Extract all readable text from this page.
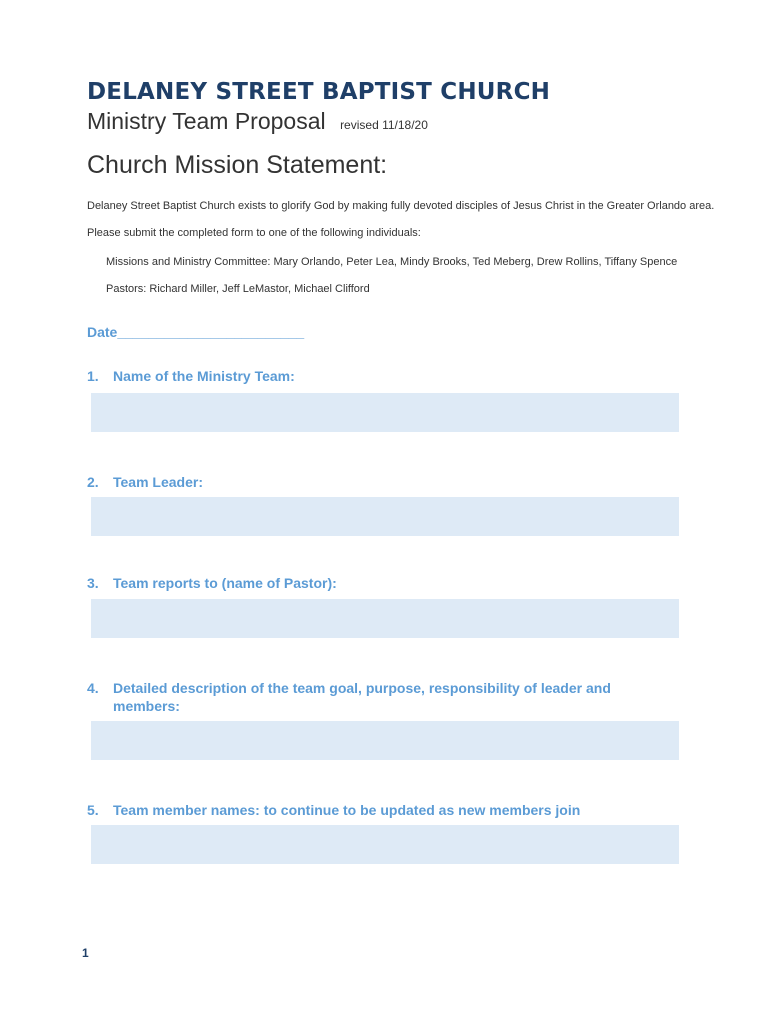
DELANEY STREET BAPTIST CHURCH
Ministry Team Proposal revised 11/18/20
Church Mission Statement:
Delaney Street Baptist Church exists to glorify God by making fully devoted disciples of Jesus Christ in the Greater Orlando area.
Please submit the completed form to one of the following individuals:
Missions and Ministry Committee: Mary Orlando, Peter Lea, Mindy Brooks, Ted Meberg, Drew Rollins, Tiffany Spence
Pastors: Richard Miller, Jeff LeMastor, Michael Clifford
Date________________________
1. Name of the Ministry Team:
2. Team Leader:
3. Team reports to (name of Pastor):
4. Detailed description of the team goal, purpose, responsibility of leader and
members:
5. Team member names: to continue to be updated as new members join
1
